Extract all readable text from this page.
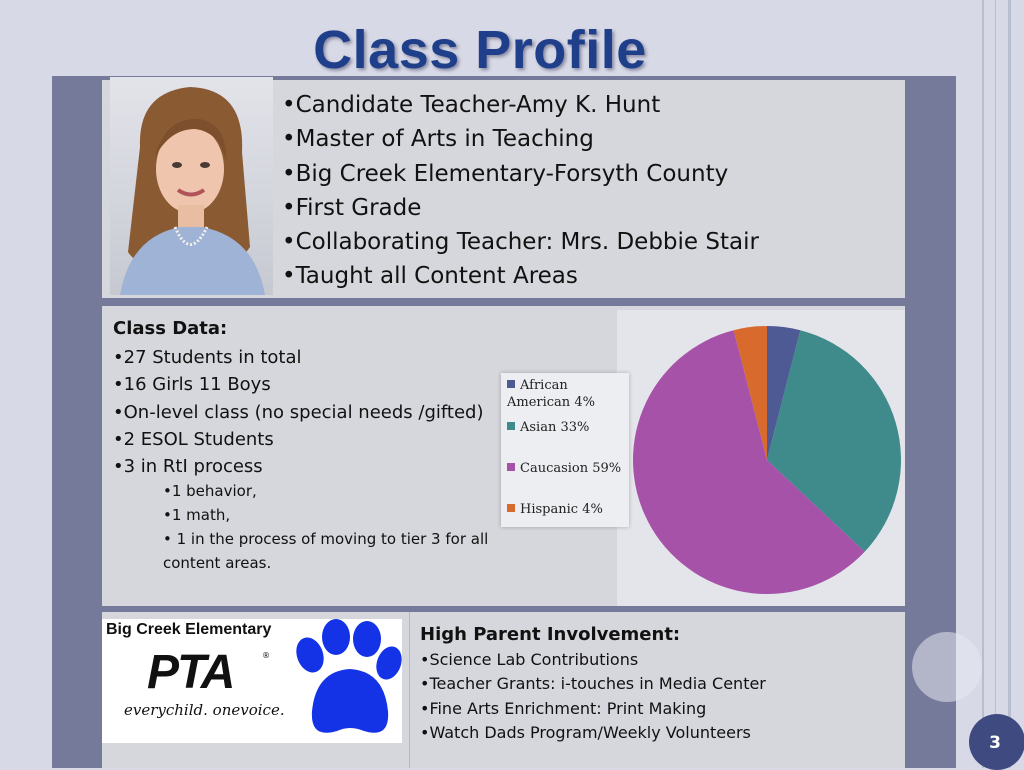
Class Profile
•Candidate Teacher-Amy K. Hunt
•Master of Arts in Teaching
•Big Creek Elementary-Forsyth County
•First Grade
•Collaborating Teacher: Mrs. Debbie Stair
•Taught all Content Areas
Class Data:
•27 Students in total
•16 Girls 11 Boys
•On-level class (no special needs /gifted)
•2 ESOL Students
•3 in RtI process
•1 behavior,
•1 math,
• 1 in the process of moving to tier 3 for all content areas.
African American 4%
Asian 33%
Caucasion 59%
Hispanic 4%
Big Creek Elementary
PTA	®
everychild. onevoice.
High Parent Involvement:
•Science Lab Contributions
•Teacher Grants: i-touches in Media Center
•Fine Arts Enrichment: Print Making
•Watch Dads Program/Weekly Volunteers
3
